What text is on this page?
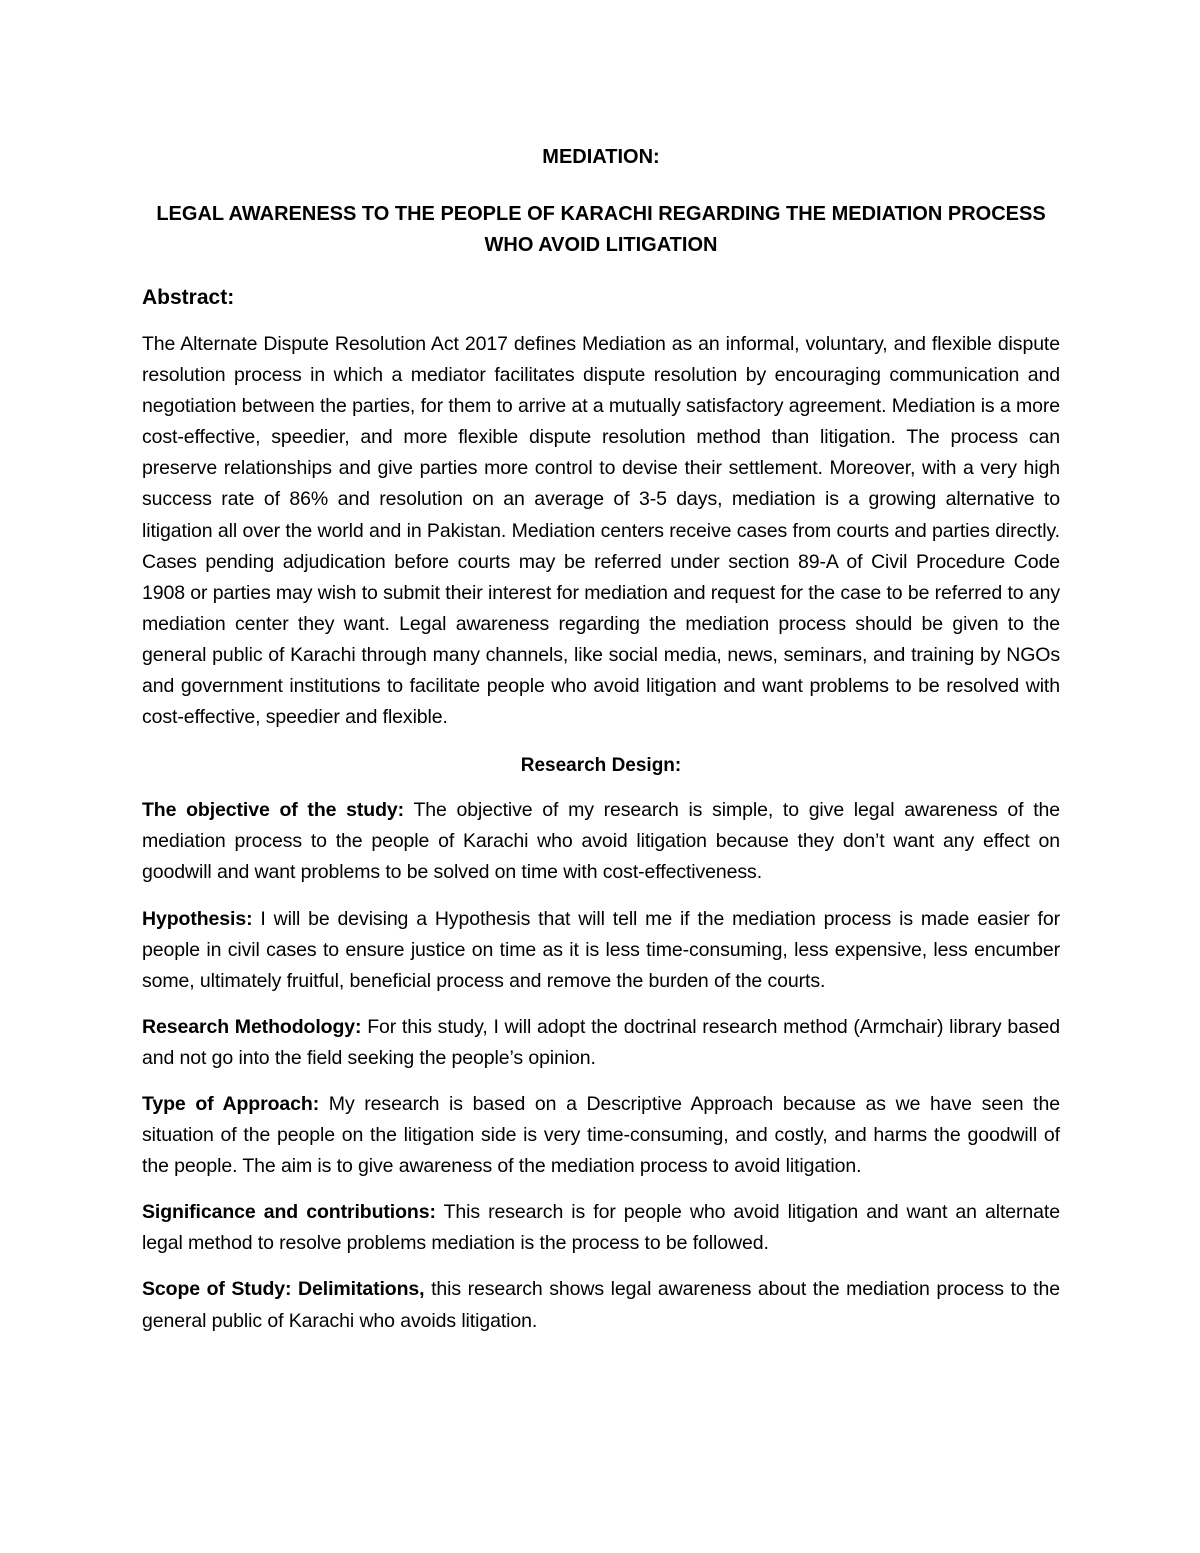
MEDIATION:
LEGAL AWARENESS TO THE PEOPLE OF KARACHI REGARDING THE MEDIATION PROCESS WHO AVOID LITIGATION
Abstract:

The Alternate Dispute Resolution Act 2017 defines Mediation as an informal, voluntary, and flexible dispute resolution process in which a mediator facilitates dispute resolution by encouraging communication and negotiation between the parties, for them to arrive at a mutually satisfactory agreement. Mediation is a more cost-effective, speedier, and more flexible dispute resolution method than litigation. The process can preserve relationships and give parties more control to devise their settlement. Moreover, with a very high success rate of 86% and resolution on an average of 3-5 days, mediation is a growing alternative to litigation all over the world and in Pakistan. Mediation centers receive cases from courts and parties directly. Cases pending adjudication before courts may be referred under section 89-A of Civil Procedure Code 1908 or parties may wish to submit their interest for mediation and request for the case to be referred to any mediation center they want. Legal awareness regarding the mediation process should be given to the general public of Karachi through many channels, like social media, news, seminars, and training by NGOs and government institutions to facilitate people who avoid litigation and want problems to be resolved with cost-effective, speedier and flexible.

Research Design:

The objective of the study: The objective of my research is simple, to give legal awareness of the mediation process to the people of Karachi who avoid litigation because they don’t want any effect on goodwill and want problems to be solved on time with cost-effectiveness.

Hypothesis: I will be devising a Hypothesis that will tell me if the mediation process is made easier for people in civil cases to ensure justice on time as it is less time-consuming, less expensive, less encumber some, ultimately fruitful, beneficial process and remove the burden of the courts.

Research Methodology: For this study, I will adopt the doctrinal research method (Armchair) library based and not go into the field seeking the people’s opinion.

Type of Approach: My research is based on a Descriptive Approach because as we have seen the situation of the people on the litigation side is very time-consuming, and costly, and harms the goodwill of the people. The aim is to give awareness of the mediation process to avoid litigation.

Significance and contributions: This research is for people who avoid litigation and want an alternate legal method to resolve problems mediation is the process to be followed.

Scope of Study: Delimitations, this research shows legal awareness about the mediation process to the general public of Karachi who avoids litigation.
